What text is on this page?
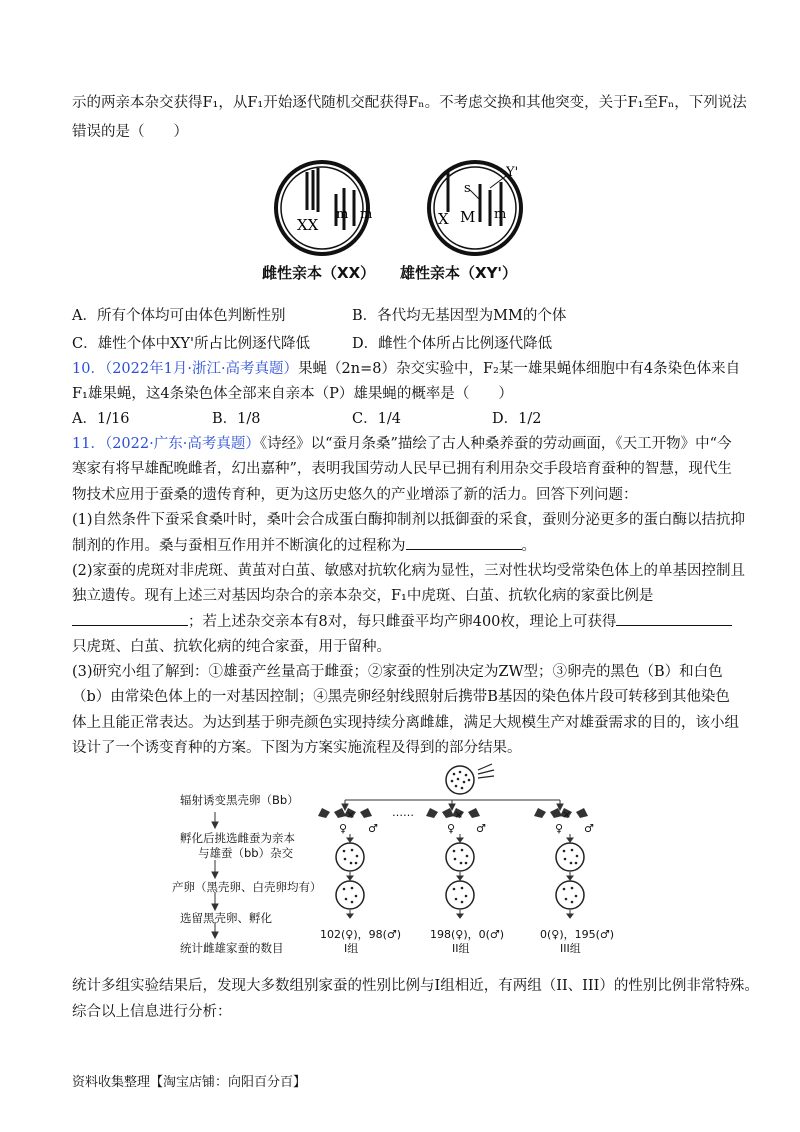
示的两亲本杂交获得F₁，从F₁开始逐代随机交配获得Fₙ。不考虑交换和其他突变，关于F₁至Fₙ，下列说法
错误的是（　　）
XX
m m	X M m
s
Y'
雌性亲本（XX） 雄性亲本（XY'）
A．所有个体均可由体色判断性别	B．各代均无基因型为MM的个体
C．雄性个体中XY'所占比例逐代降低	D．雌性个体所占比例逐代降低
10．（2022年1月·浙江·高考真题）果蝇（2n=8）杂交实验中，F₂某一雄果蝇体细胞中有4条染色体来自
F₁雄果蝇，这4条染色体全部来自亲本（P）雄果蝇的概率是（　　）
A．1/16	B．1/8	C．1/4	D．1/2
11．（2022·广东·高考真题）《诗经》以“蚕月条桑”描绘了古人种桑养蚕的劳动画面，《天工开物》中“今
寒家有将早雄配晚雌者，幻出嘉种”，表明我国劳动人民早已拥有利用杂交手段培育蚕种的智慧，现代生
物技术应用于蚕桑的遗传育种，更为这历史悠久的产业增添了新的活力。回答下列问题：
(1)自然条件下蚕采食桑叶时，桑叶会合成蛋白酶抑制剂以抵御蚕的采食，蚕则分泌更多的蛋白酶以拮抗抑
制剂的作用。桑与蚕相互作用并不断演化的过程称为	。
(2)家蚕的虎斑对非虎斑、黄茧对白茧、敏感对抗软化病为显性，三对性状均受常染色体上的单基因控制且
独立遗传。现有上述三对基因均杂合的亲本杂交，F₁中虎斑、白茧、抗软化病的家蚕比例是
；若上述杂交亲本有8对，每只雌蚕平均产卵400枚，理论上可获得
只虎斑、白茧、抗软化病的纯合家蚕，用于留种。
(3)研究小组了解到：①雄蚕产丝量高于雌蚕；②家蚕的性别决定为ZW型；③卵壳的黑色（B）和白色
（b）由常染色体上的一对基因控制；④黑壳卵经射线照射后携带B基因的染色体片段可转移到其他染色
体上且能正常表达。为达到基于卵壳颜色实现持续分离雌雄，满足大规模生产对雄蚕需求的目的，该小组
设计了一个诱变育种的方案。下图为方案实施流程及得到的部分结果。
辐射诱变黑壳卵（Bb）
孵化后挑选雌蚕为亲本
与雄蚕（bb）杂交
产卵（黑壳卵、白壳卵均有）
选留黑壳卵、孵化
统计雌雄家蚕的数目
……
♀
×
♂	♀
×
♂	♀
×
♂
102(♀)，98(♂)
I组
198(♀)，0(♂)
II组
0(♀)，195(♂)
III组
统计多组实验结果后，发现大多数组别家蚕的性别比例与I组相近，有两组（II、III）的性别比例非常特殊。
综合以上信息进行分析：
资料收集整理【淘宝店铺：向阳百分百】
